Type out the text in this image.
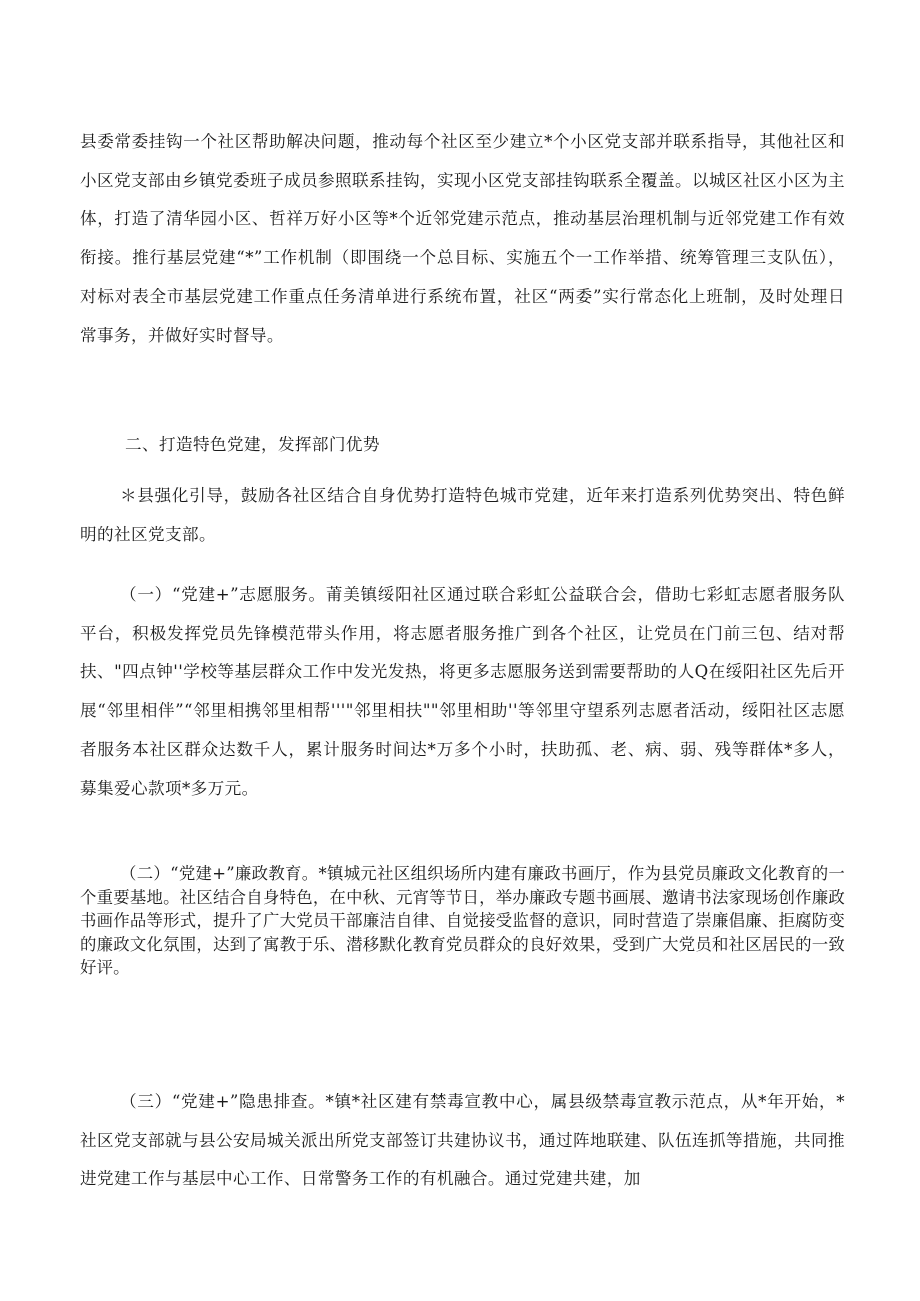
县委常委挂钩一个社区帮助解决问题，推动每个社区至少建立*个小区党支部并联系指导，其他社区和小区党支部由乡镇党委班子成员参照联系挂钩，实现小区党支部挂钩联系全覆盖。以城区社区小区为主体，打造了清华园小区、哲祥万好小区等*个近邻党建示范点，推动基层治理机制与近邻党建工作有效衔接。推行基层党建“*”工作机制（即围绕一个总目标、实施五个一工作举措、统筹管理三支队伍），对标对表全市基层党建工作重点任务清单进行系统布置，社区“两委”实行常态化上班制，及时处理日常事务，并做好实时督导。

二、打造特色党建，发挥部门优势

＊县强化引导，鼓励各社区结合自身优势打造特色城市党建，近年来打造系列优势突出、特色鲜明的社区党支部。

（一）“党建+”志愿服务。莆美镇绥阳社区通过联合彩虹公益联合会，借助七彩虹志愿者服务队平台，积极发挥党员先锋模范带头作用，将志愿者服务推广到各个社区，让党员在门前三包、结对帮扶、"四点钟''学校等基层群众工作中发光发热，将更多志愿服务送到需要帮助的人Q在绥阳社区先后开展“邻里相伴”“邻里相携邻里相帮'''"邻里相扶""邻里相助''等邻里守望系列志愿者活动，绥阳社区志愿者服务本社区群众达数千人，累计服务时间达*万多个小时，扶助孤、老、病、弱、残等群体*多人，募集爱心款项*多万元。

（二）“党建+”廉政教育。*镇城元社区组织场所内建有廉政书画厅，作为县党员廉政文化教育的一个重要基地。社区结合自身特色，在中秋、元宵等节日，举办廉政专题书画展、邀请书法家现场创作廉政书画作品等形式，提升了广大党员干部廉洁自律、自觉接受监督的意识，同时营造了崇廉倡廉、拒腐防变的廉政文化氛围，达到了寓教于乐、潜移默化教育党员群众的良好效果，受到广大党员和社区居民的一致好评。

（三）“党建+”隐患排查。*镇*社区建有禁毒宣教中心，属县级禁毒宣教示范点，从*年开始，*社区党支部就与县公安局城关派出所党支部签订共建协议书，通过阵地联建、队伍连抓等措施，共同推进党建工作与基层中心工作、日常警务工作的有机融合。通过党建共建，加
